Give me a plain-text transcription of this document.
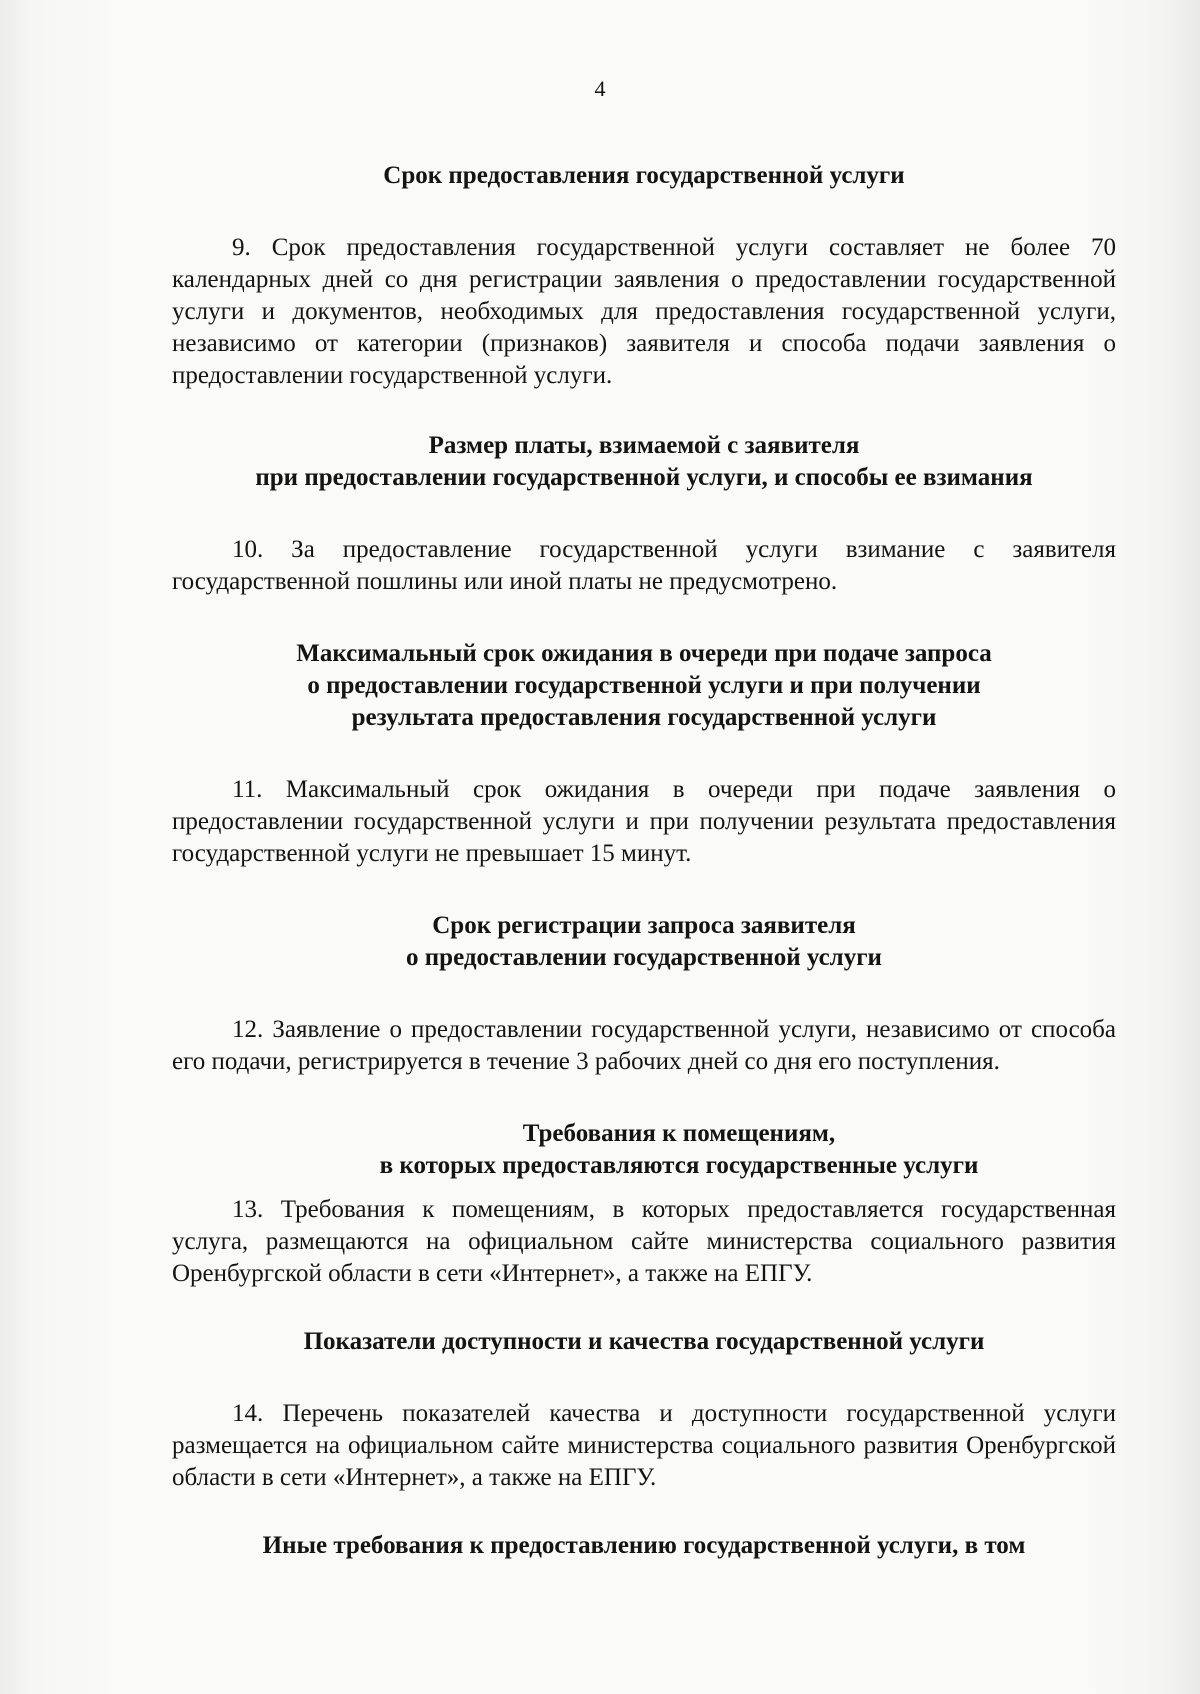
4

Срок предоставления государственной услуги

9. Срок предоставления государственной услуги составляет не более 70 календарных дней со дня регистрации заявления о предоставлении государственной услуги и документов, необходимых для предоставления государственной услуги, независимо от категории (признаков) заявителя и способа подачи заявления о предоставлении государственной услуги.

Размер платы, взимаемой с заявителя

при предоставлении государственной услуги, и способы ее взимания

10. За предоставление государственной услуги взимание с заявителя государственной пошлины или иной платы не предусмотрено.

Максимальный срок ожидания в очереди при подаче запроса

о предоставлении государственной услуги и при получении

результата предоставления государственной услуги

11. Максимальный срок ожидания в очереди при подаче заявления о предоставлении государственной услуги и при получении результата предоставления государственной услуги не превышает 15 минут.

Срок регистрации запроса заявителя

о предоставлении государственной услуги

12. Заявление о предоставлении государственной услуги, независимо от способа его подачи, регистрируется в течение 3 рабочих дней со дня его поступления.

Требования к помещениям,

в которых предоставляются государственные услуги

13. Требования к помещениям, в которых предоставляется государственная услуга, размещаются на официальном сайте министерства социального развития Оренбургской области в сети «Интернет», а также на ЕПГУ.

Показатели доступности и качества государственной услуги

14. Перечень показателей качества и доступности государственной услуги размещается на официальном сайте министерства социального развития Оренбургской области в сети «Интернет», а также на ЕПГУ.

Иные требования к предоставлению государственной услуги, в том
